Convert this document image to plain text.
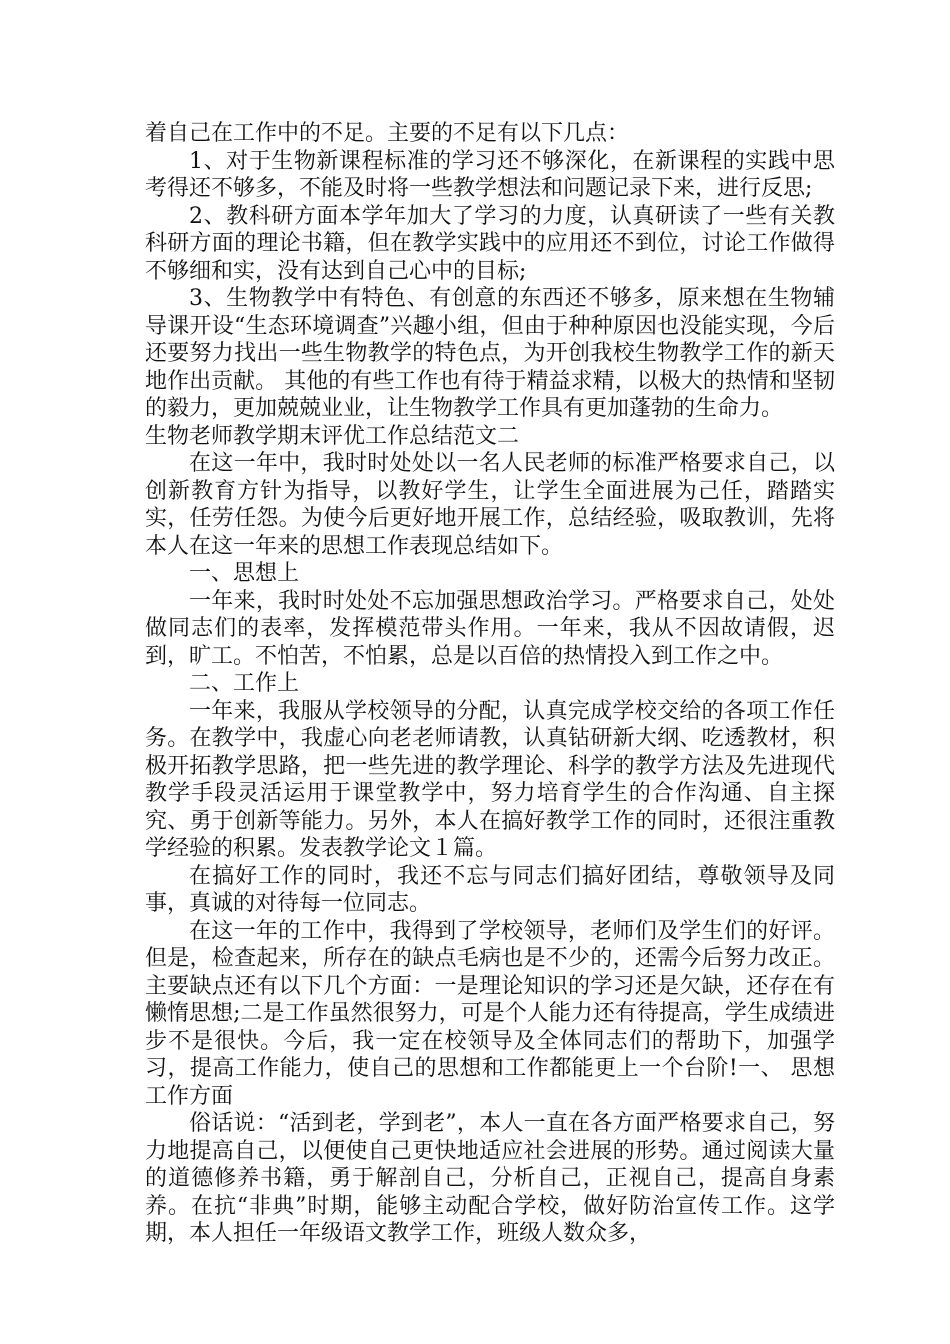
着自己在工作中的不足。主要的不足有以下几点：

1、对于生物新课程标准的学习还不够深化，在新课程的实践中思考得还不够多，不能及时将一些教学想法和问题记录下来，进行反思;

2、教科研方面本学年加大了学习的力度，认真研读了一些有关教科研方面的理论书籍，但在教学实践中的应用还不到位，讨论工作做得不够细和实，没有达到自己心中的目标;

3、生物教学中有特色、有创意的东西还不够多，原来想在生物辅导课开设“生态环境调查”兴趣小组，但由于种种原因也没能实现，今后还要努力找出一些生物教学的特色点，为开创我校生物教学工作的新天地作出贡献。 其他的有些工作也有待于精益求精，以极大的热情和坚韧的毅力，更加兢兢业业，让生物教学工作具有更加蓬勃的生命力。

生物老师教学期末评优工作总结范文二

在这一年中，我时时处处以一名人民老师的标准严格要求自己，以创新教育方针为指导，以教好学生，让学生全面进展为己任，踏踏实实，任劳任怨。为使今后更好地开展工作，总结经验，吸取教训，先将本人在这一年来的思想工作表现总结如下。

一、思想上

一年来，我时时处处不忘加强思想政治学习。严格要求自己，处处做同志们的表率，发挥模范带头作用。一年来，我从不因故请假，迟到，旷工。不怕苦，不怕累，总是以百倍的热情投入到工作之中。

二、工作上

一年来，我服从学校领导的分配，认真完成学校交给的各项工作任务。在教学中，我虚心向老老师请教，认真钻研新大纲、吃透教材，积极开拓教学思路，把一些先进的教学理论、科学的教学方法及先进现代教学手段灵活运用于课堂教学中，努力培育学生的合作沟通、自主探究、勇于创新等能力。另外，本人在搞好教学工作的同时，还很注重教学经验的积累。发表教学论文１篇。

在搞好工作的同时，我还不忘与同志们搞好团结，尊敬领导及同事，真诚的对待每一位同志。

在这一年的工作中，我得到了学校领导，老师们及学生们的好评。但是，检查起来，所存在的缺点毛病也是不少的，还需今后努力改正。主要缺点还有以下几个方面：一是理论知识的学习还是欠缺，还存在有懒惰思想;二是工作虽然很努力，可是个人能力还有待提高，学生成绩进步不是很快。今后，我一定在校领导及全体同志们的帮助下，加强学习，提高工作能力，使自己的思想和工作都能更上一个台阶!一、 思想工作方面

俗话说：“活到老，学到老”，本人一直在各方面严格要求自己，努力地提高自己，以便使自己更快地适应社会进展的形势。通过阅读大量的道德修养书籍，勇于解剖自己，分析自己，正视自己，提高自身素养。在抗“非典”时期，能够主动配合学校，做好防治宣传工作。这学期，本人担任一年级语文教学工作，班级人数众多，
